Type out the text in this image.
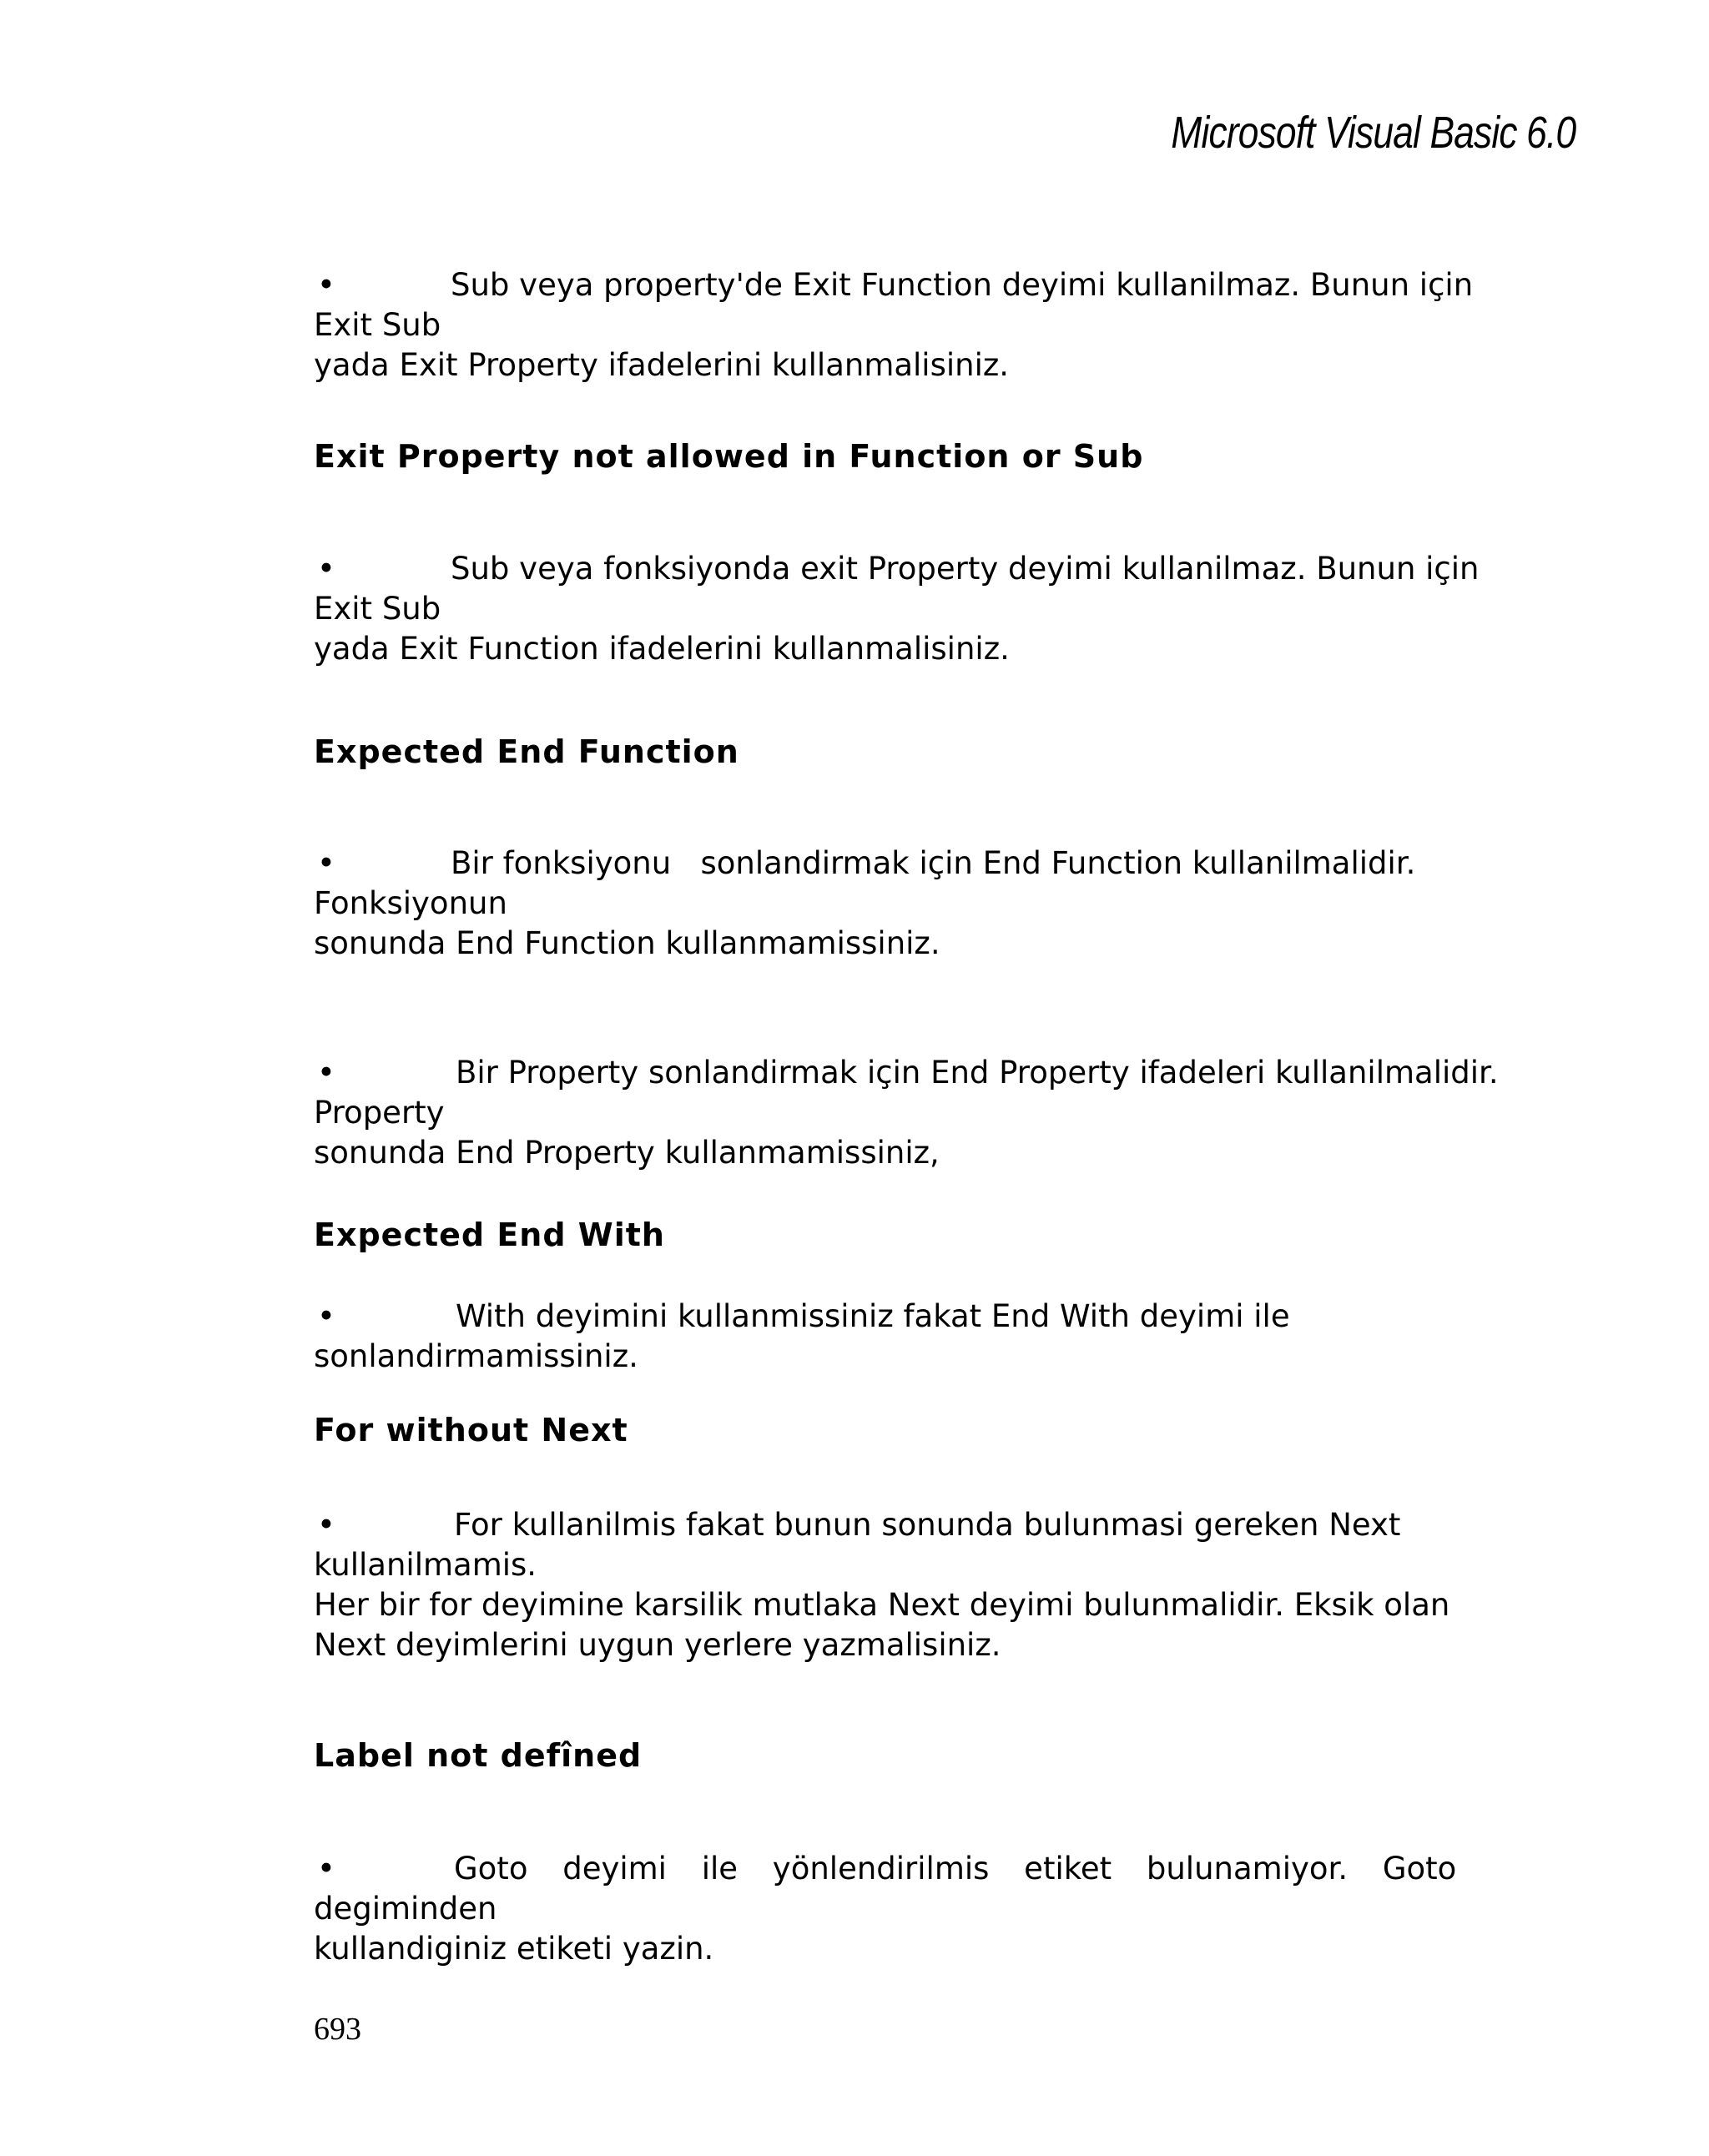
Microsoft Visual Basic 6.0
•	Sub veya property'de Exit Function deyimi kullanilmaz. Bunun için
Exit Sub
yada Exit Property ifadelerini kullanmalisiniz.
Exit Property not allowed in Function or Sub
•	Sub veya fonksiyonda exit Property deyimi kullanilmaz. Bunun için
Exit Sub
yada Exit Function ifadelerini kullanmalisiniz.
Expected End Function
•	Bir fonksiyonu   sonlandirmak için End Function kullanilmalidir.
Fonksiyonun
sonunda End Function kullanmamissiniz.
•	Bir Property sonlandirmak için End Property ifadeleri kullanilmalidir.
Property
sonunda End Property kullanmamissiniz,
Expected End With
•	With deyimini kullanmissiniz fakat End With deyimi ile
sonlandirmamissiniz.
For without Next
•	For kullanilmis fakat bunun sonunda bulunmasi gereken Next
kullanilmamis.
Her bir for deyimine karsilik mutlaka Next deyimi bulunmalidir. Eksik olan
Next deyimlerini uygun yerlere yazmalisiniz.
Label not defîned
•	Goto deyimi ile yönlendirilmis etiket bulunamiyor. Goto
degiminden
kullandiginiz etiketi yazin.
693
